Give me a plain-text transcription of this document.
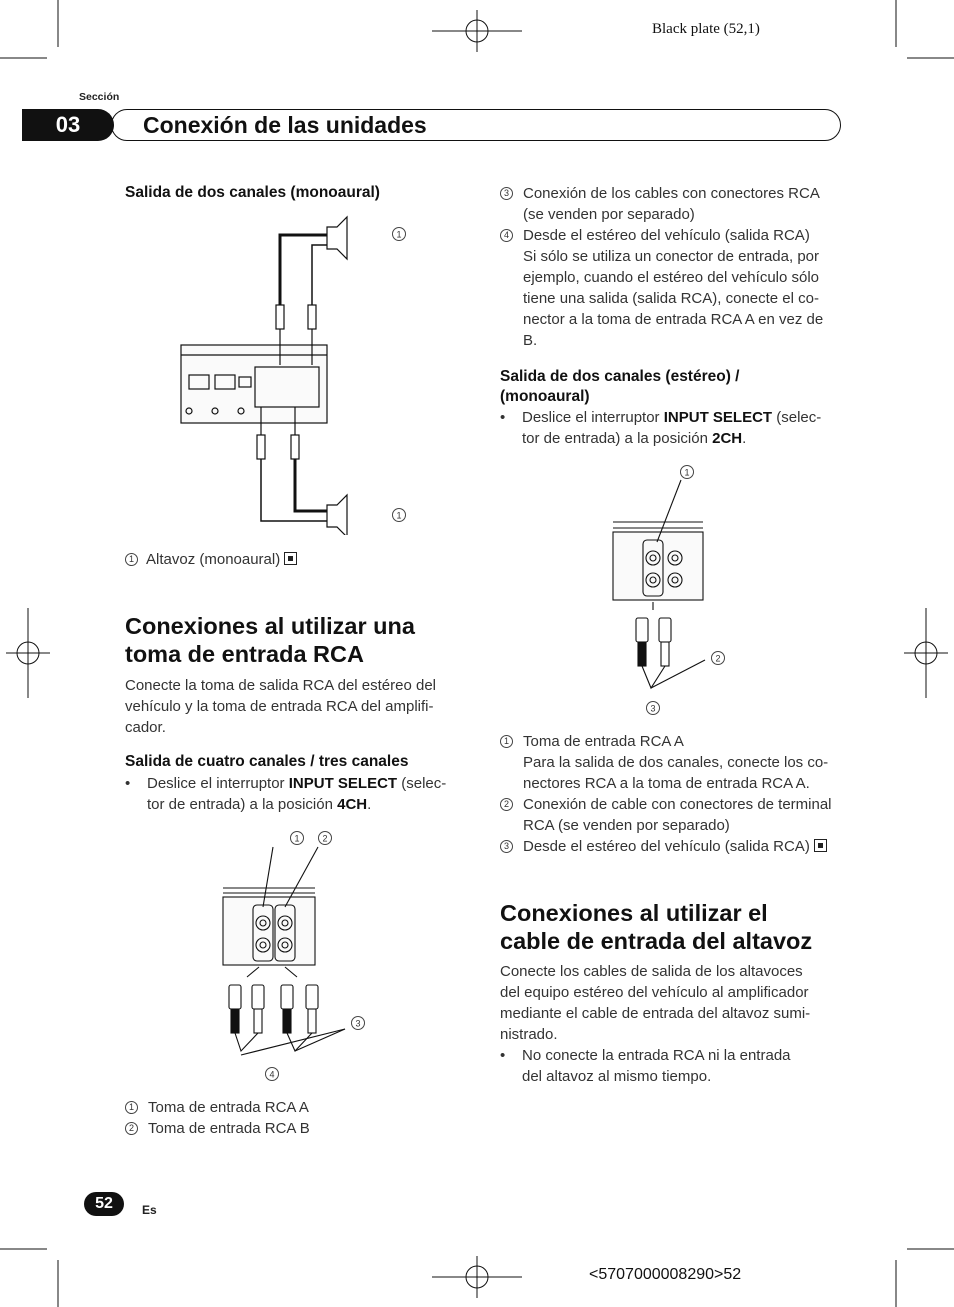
Black plate (52,1)
Sección
03	Conexión de las unidades
Salida de dos canales (monoaural)
1
1
1 Altavoz (monoaural)
Conexiones al utilizar una
toma de entrada RCA
Conecte la toma de salida RCA del estéreo del
vehículo y la toma de entrada RCA del amplifi-
cador.
Salida de cuatro canales / tres canales
•	Deslice el interruptor INPUT SELECT (selec-
tor de entrada) a la posición 4CH.
1	2
3
4
1 Toma de entrada RCA A
2 Toma de entrada RCA B
3 Conexión de los cables con conectores RCA
(se venden por separado)
4 Desde el estéreo del vehículo (salida RCA)
Si sólo se utiliza un conector de entrada, por
ejemplo, cuando el estéreo del vehículo sólo
tiene una salida (salida RCA), conecte el co-
nector a la toma de entrada RCA A en vez de
B.
Salida de dos canales (estéreo) /
(monoaural)
•	Deslice el interruptor INPUT SELECT (selec-
tor de entrada) a la posición 2CH.
1
2
3
1 Toma de entrada RCA A
Para la salida de dos canales, conecte los co-
nectores RCA a la toma de entrada RCA A.
2 Conexión de cable con conectores de terminal
RCA (se venden por separado)
3 Desde el estéreo del vehículo (salida RCA)
Conexiones al utilizar el
cable de entrada del altavoz
Conecte los cables de salida de los altavoces
del equipo estéreo del vehículo al amplificador
mediante el cable de entrada del altavoz sumi-
nistrado.
•	No conecte la entrada RCA ni la entrada
del altavoz al mismo tiempo.
52	Es
<5707000008290>52
